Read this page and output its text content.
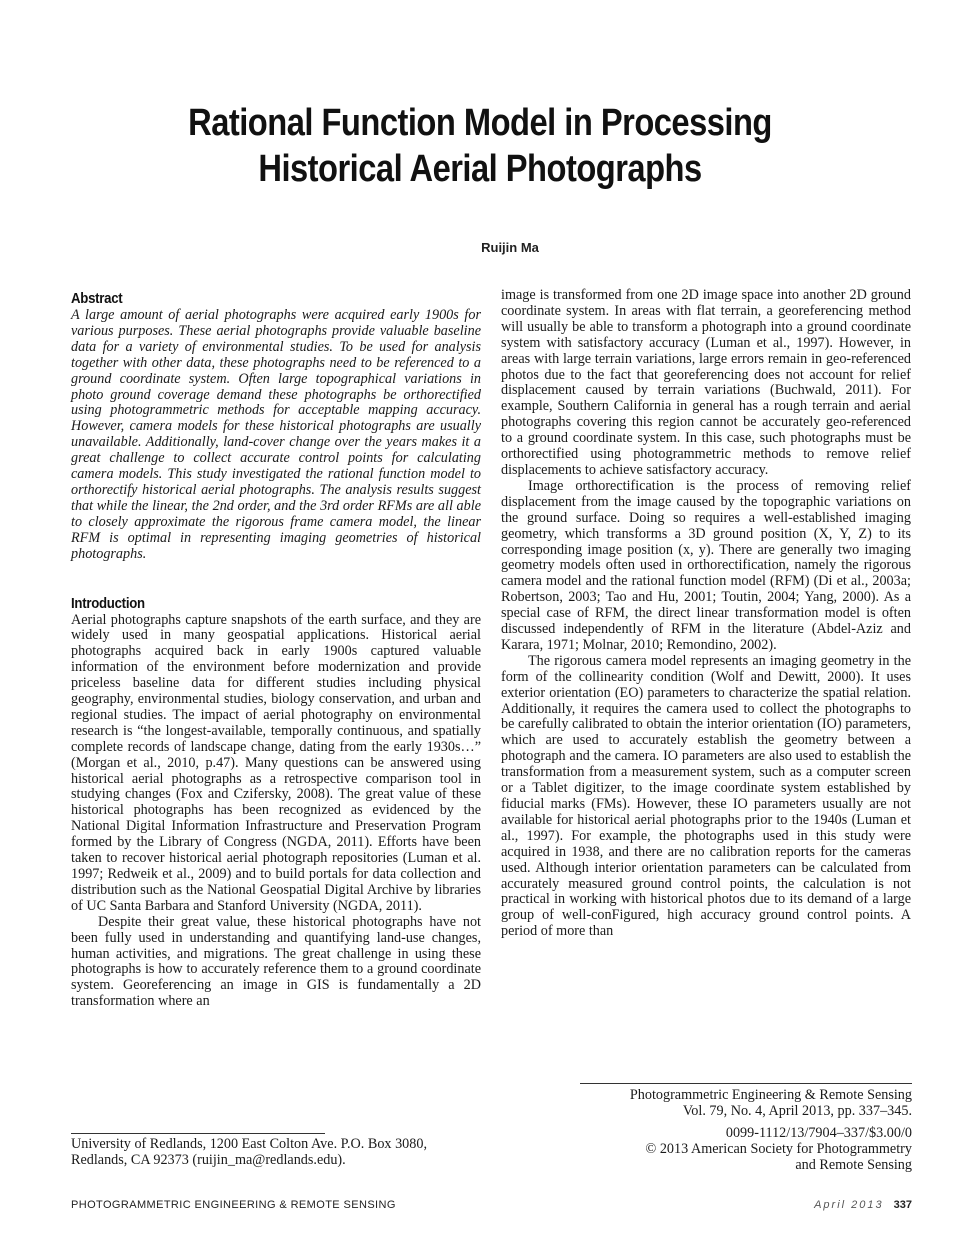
Rational Function Model in Processing
Historical Aerial Photographs
Ruijin Ma
Abstract

A large amount of aerial photographs were acquired early 1900s for various purposes. These aerial photographs provide valuable baseline data for a variety of environmental studies. To be used for analysis together with other data, these photographs need to be referenced to a ground coordinate system. Often large topographical variations in photo ground coverage demand these photographs be orthorectified using photogrammetric methods for acceptable mapping accuracy. However, camera models for these historical photographs are usually unavailable. Additionally, land-cover change over the years makes it a great challenge to collect accurate control points for calculating camera models. This study investigated the rational function model to orthorectify historical aerial photographs. The analysis results suggest that while the linear, the 2nd order, and the 3rd order RFMs are all able to closely approximate the rigorous frame camera model, the linear RFM is optimal in representing imaging geometries of historical photographs.

Introduction

Aerial photographs capture snapshots of the earth surface, and they are widely used in many geospatial applications. Historical aerial photographs acquired back in early 1900s captured valuable information of the environment before modernization and provide priceless baseline data for different studies including physical geography, environmental studies, biology conservation, and urban and regional studies. The impact of aerial photography on environmental research is “the longest-available, temporally continuous, and spatially complete records of landscape change, dating from the early 1930s…” (Morgan et al., 2010, p.47). Many questions can be answered using historical aerial photographs as a retrospective comparison tool in studying changes (Fox and Czifersky, 2008). The great value of these historical photographs has been recognized as evidenced by the National Digital Information Infrastructure and Preservation Program formed by the Library of Congress (NGDA, 2011). Efforts have been taken to recover historical aerial photograph repositories (Luman et al. 1997; Redweik et al., 2009) and to build portals for data collection and distribution such as the National Geospatial Digital Archive by libraries of UC Santa Barbara and Stanford University (NGDA, 2011).

Despite their great value, these historical photographs have not been fully used in understanding and quantifying land-use changes, human activities, and migrations. The great challenge in using these photographs is how to accurately reference them to a ground coordinate system. Georeferencing an image in GIS is fundamentally a 2D transformation where an

image is transformed from one 2D image space into another 2D ground coordinate system. In areas with flat terrain, a georeferencing method will usually be able to transform a photograph into a ground coordinate system with satisfactory accuracy (Luman et al., 1997). However, in areas with large terrain variations, large errors remain in geo-referenced photos due to the fact that georeferencing does not account for relief displacement caused by terrain variations (Buchwald, 2011). For example, Southern California in general has a rough terrain and aerial photographs covering this region cannot be accurately geo-referenced to a ground coordinate system. In this case, such photographs must be orthorectified using photogrammetric methods to remove relief displacements to achieve satisfactory accuracy.

Image orthorectification is the process of removing relief displacement from the image caused by the topographic variations on the ground surface. Doing so requires a well-established imaging geometry, which transforms a 3D ground position (X, Y, Z) to its corresponding image position (x, y). There are generally two imaging geometry models often used in orthorectification, namely the rigorous camera model and the rational function model (RFM) (Di et al., 2003a; Robertson, 2003; Tao and Hu, 2001; Toutin, 2004; Yang, 2000). As a special case of RFM, the direct linear transformation model is often discussed independently of RFM in the literature (Abdel-Aziz and Karara, 1971; Molnar, 2010; Remondino, 2002).

The rigorous camera model represents an imaging geometry in the form of the collinearity condition (Wolf and Dewitt, 2000). It uses exterior orientation (EO) parameters to characterize the spatial relation. Additionally, it requires the camera used to collect the photographs to be carefully calibrated to obtain the interior orientation (IO) parameters, which are used to accurately establish the geometry between a photograph and the camera. IO parameters are also used to establish the transformation from a measurement system, such as a computer screen or a Tablet digitizer, to the image coordinate system established by fiducial marks (FMs). However, these IO parameters usually are not available for historical aerial photographs prior to the 1940s (Luman et al., 1997). For example, the photographs used in this study were acquired in 1938, and there are no calibration reports for the cameras used. Although interior orientation parameters can be calculated from accurately measured ground control points, the calculation is not practical in working with historical photos due to its demand of a large group of well-conFigured, high accuracy ground control points. A period of more than

Photogrammetric Engineering & Remote Sensing
Vol. 79, No. 4, April 2013, pp. 337–345.
0099-1112/13/7904–337/$3.00/0
© 2013 American Society for Photogrammetry
and Remote Sensing
University of Redlands, 1200 East Colton Ave. P.O. Box 3080,
Redlands, CA 92373 (ruijin_ma@redlands.edu).
PHOTOGRAMMETRIC ENGINEERING & REMOTE SENSING	April 2013 337
